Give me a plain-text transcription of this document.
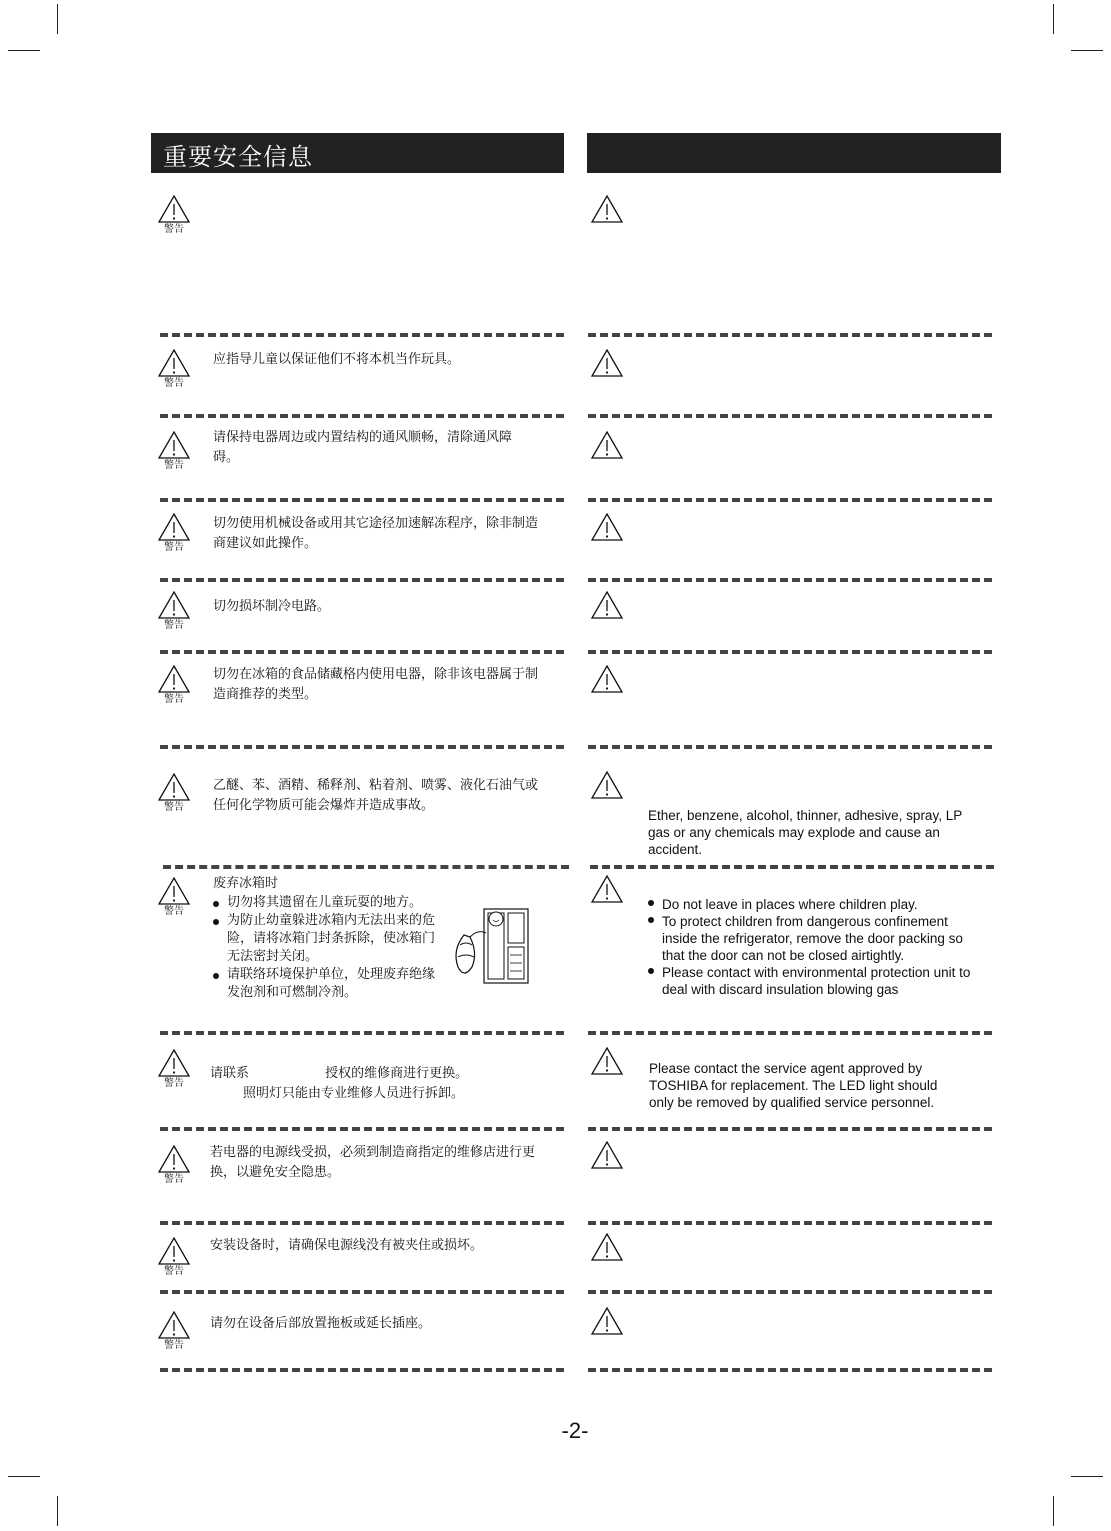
重要安全信息
警告
警告
应指导儿童以保证他们不将本机当作玩具。
警告
请保持电器周边或内置结构的通风顺畅，清除通风障碍。
警告
切勿使用机械设备或用其它途径加速解冻程序，除非制造商建议如此操作。
警告
切勿损坏制冷电路。
警告
切勿在冰箱的食品储藏格内使用电器，除非该电器属于制造商推荐的类型。
警告
乙醚、苯、酒精、稀释剂、粘着剂、喷雾、液化石油气或任何化学物质可能会爆炸并造成事故。
Ether, benzene, alcohol, thinner, adhesive, spray, LP gas or any chemicals may explode and cause an accident.
警告
废弃冰箱时
切勿将其遗留在儿童玩耍的地方。
为防止幼童躲进冰箱内无法出来的危险，请将冰箱门封条拆除，使冰箱门无法密封关闭。
请联络环境保护单位，处理废弃绝缘发泡剂和可燃制冷剂。
Do not leave in places where children play.
To protect children from dangerous confinement inside the refrigerator, remove the door packing so that the door can not be closed airtightly.
Please contact with environmental protection unit to deal with discard insulation blowing gas
警告
请联系	授权的维修商进行更换。
照明灯只能由专业维修人员进行拆卸。
Please contact the service agent approved by TOSHIBA for replacement. The LED light should only be removed by qualified service personnel.
警告
若电器的电源线受损，必须到制造商指定的维修店进行更换，以避免安全隐患。
警告
安装设备时，请确保电源线没有被夹住或损坏。
警告
请勿在设备后部放置拖板或延长插座。
-2-
